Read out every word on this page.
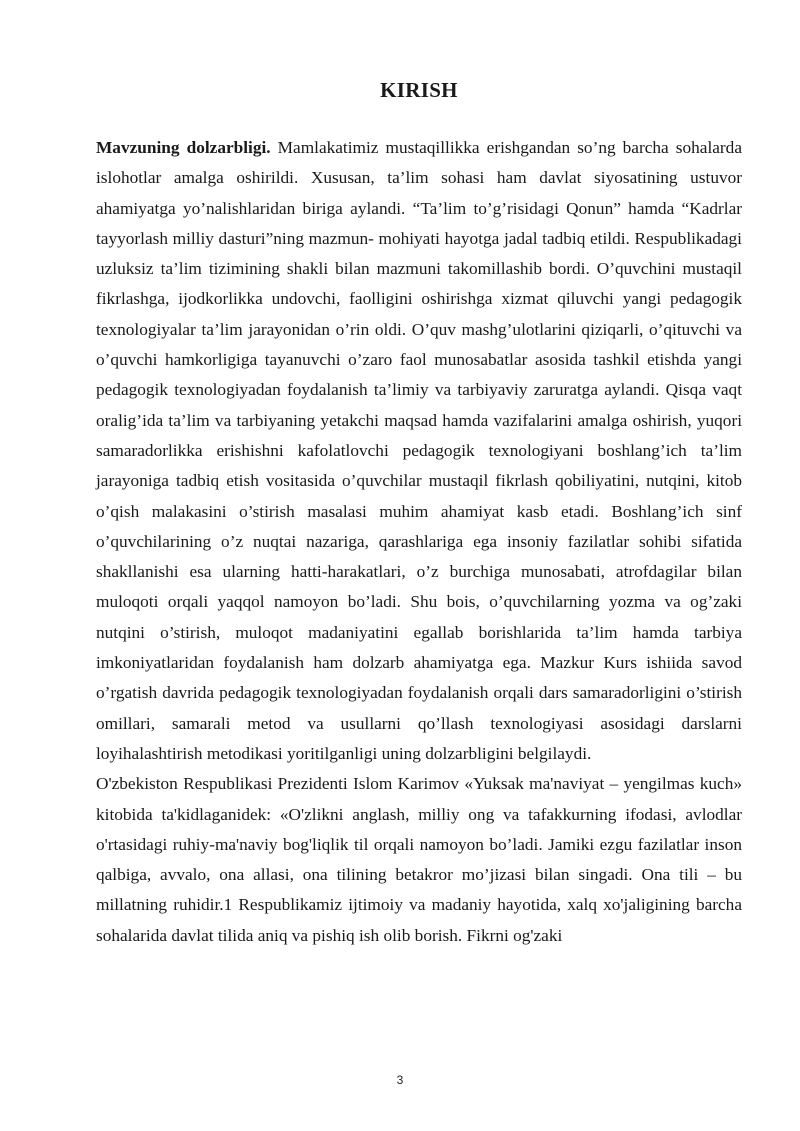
KIRISH

Mavzuning dolzarbligi. Mamlakatimiz mustaqillikka erishgandan so’ng barcha sohalarda islohotlar amalga oshirildi. Xususan, ta’lim sohasi ham davlat siyosatining ustuvor ahamiyatga yo’nalishlaridan biriga aylandi. “Ta’lim to’g’risidagi Qonun” hamda “Kadrlar tayyorlash milliy dasturi”ning mazmun- mohiyati hayotga jadal tadbiq etildi. Respublikadagi uzluksiz ta’lim tizimining shakli bilan mazmuni takomillashib bordi. O’quvchini mustaqil fikrlashga, ijodkorlikka undovchi, faolligini oshirishga xizmat qiluvchi yangi pedagogik texnologiyalar ta’lim jarayonidan o’rin oldi. O’quv mashg’ulotlarini qiziqarli, o’qituvchi va o’quvchi hamkorligiga tayanuvchi o’zaro faol munosabatlar asosida tashkil etishda yangi pedagogik texnologiyadan foydalanish ta’limiy va tarbiyaviy zaruratga aylandi. Qisqa vaqt oralig’ida ta’lim va tarbiyaning yetakchi maqsad hamda vazifalarini amalga oshirish, yuqori samaradorlikka erishishni kafolatlovchi pedagogik texnologiyani boshlang’ich ta’lim jarayoniga tadbiq etish vositasida o’quvchilar mustaqil fikrlash qobiliyatini, nutqini, kitob o’qish malakasini o’stirish masalasi muhim ahamiyat kasb etadi. Boshlang’ich sinf o’quvchilarining o’z nuqtai nazariga, qarashlariga ega insoniy fazilatlar sohibi sifatida shakllanishi esa ularning hatti-harakatlari, o’z burchiga munosabati, atrofdagilar bilan muloqoti orqali yaqqol namoyon bo’ladi. Shu bois, o’quvchilarning yozma va og’zaki nutqini o’stirish, muloqot madaniyatini egallab borishlarida ta’lim hamda tarbiya imkoniyatlaridan foydalanish ham dolzarb ahamiyatga ega. Mazkur Kurs ishiida savod o’rgatish davrida pedagogik texnologiyadan foydalanish orqali dars samaradorligini o’stirish omillari, samarali metod va usullarni qo’llash texnologiyasi asosidagi darslarni loyihalashtirish metodikasi yoritilganligi uning dolzarbligini belgilaydi.

O'zbekiston Respublikasi Prezidenti Islom Karimov «Yuksak ma'naviyat – yengilmas kuch» kitobida ta'kidlaganidek: «O'zlikni anglash, milliy ong va tafakkurning ifodasi, avlodlar o'rtasidagi ruhiy-ma'naviy bog'liqlik til orqali namoyon bo’ladi. Jamiki ezgu fazilatlar inson qalbiga, avvalo, ona allasi, ona tilining betakror mo’jizasi bilan singadi. Ona tili – bu millatning ruhidir.1 Respublikamiz ijtimoiy va madaniy hayotida, xalq xo'jaligining barcha sohalarida davlat tilida aniq va pishiq ish olib borish. Fikrni og'zaki

3
